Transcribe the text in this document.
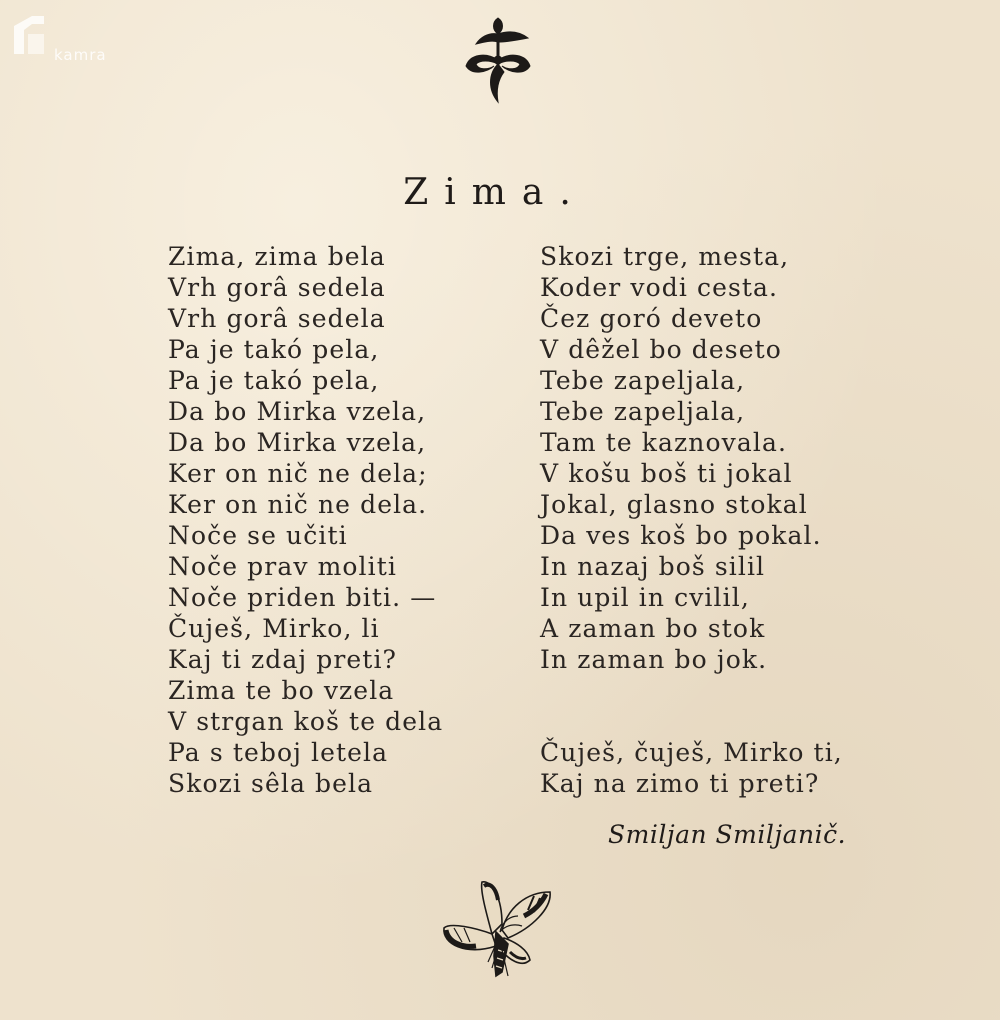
kamra
Zima.
Zima, zima bela
Vrh gorâ sedela
Vrh gorâ sedela
Pa je takó pela,
Pa je takó pela,
Da bo Mirka vzela,
Da bo Mirka vzela,
Ker on nič ne dela;
Ker on nič ne dela.
Noče se učiti
Noče prav moliti
Noče priden biti. —
Čuješ, Mirko, li
Kaj ti zdaj preti?
Zima te bo vzela
V strgan koš te dela
Pa s teboj letela
Skozi sêla bela
Skozi trge, mesta,
Koder vodi cesta.
Čez goró deveto
V dêžel bo deseto
Tebe zapeljala,
Tebe zapeljala,
Tam te kaznovala.
V košu boš ti jokal
Jokal, glasno stokal
Da ves koš bo pokal.
In nazaj boš silil
In upil in cvilil,
A zaman bo stok
In zaman bo jok.
Čuješ, čuješ, Mirko ti,
Kaj na zimo ti preti?
Smiljan Smiljanič.
